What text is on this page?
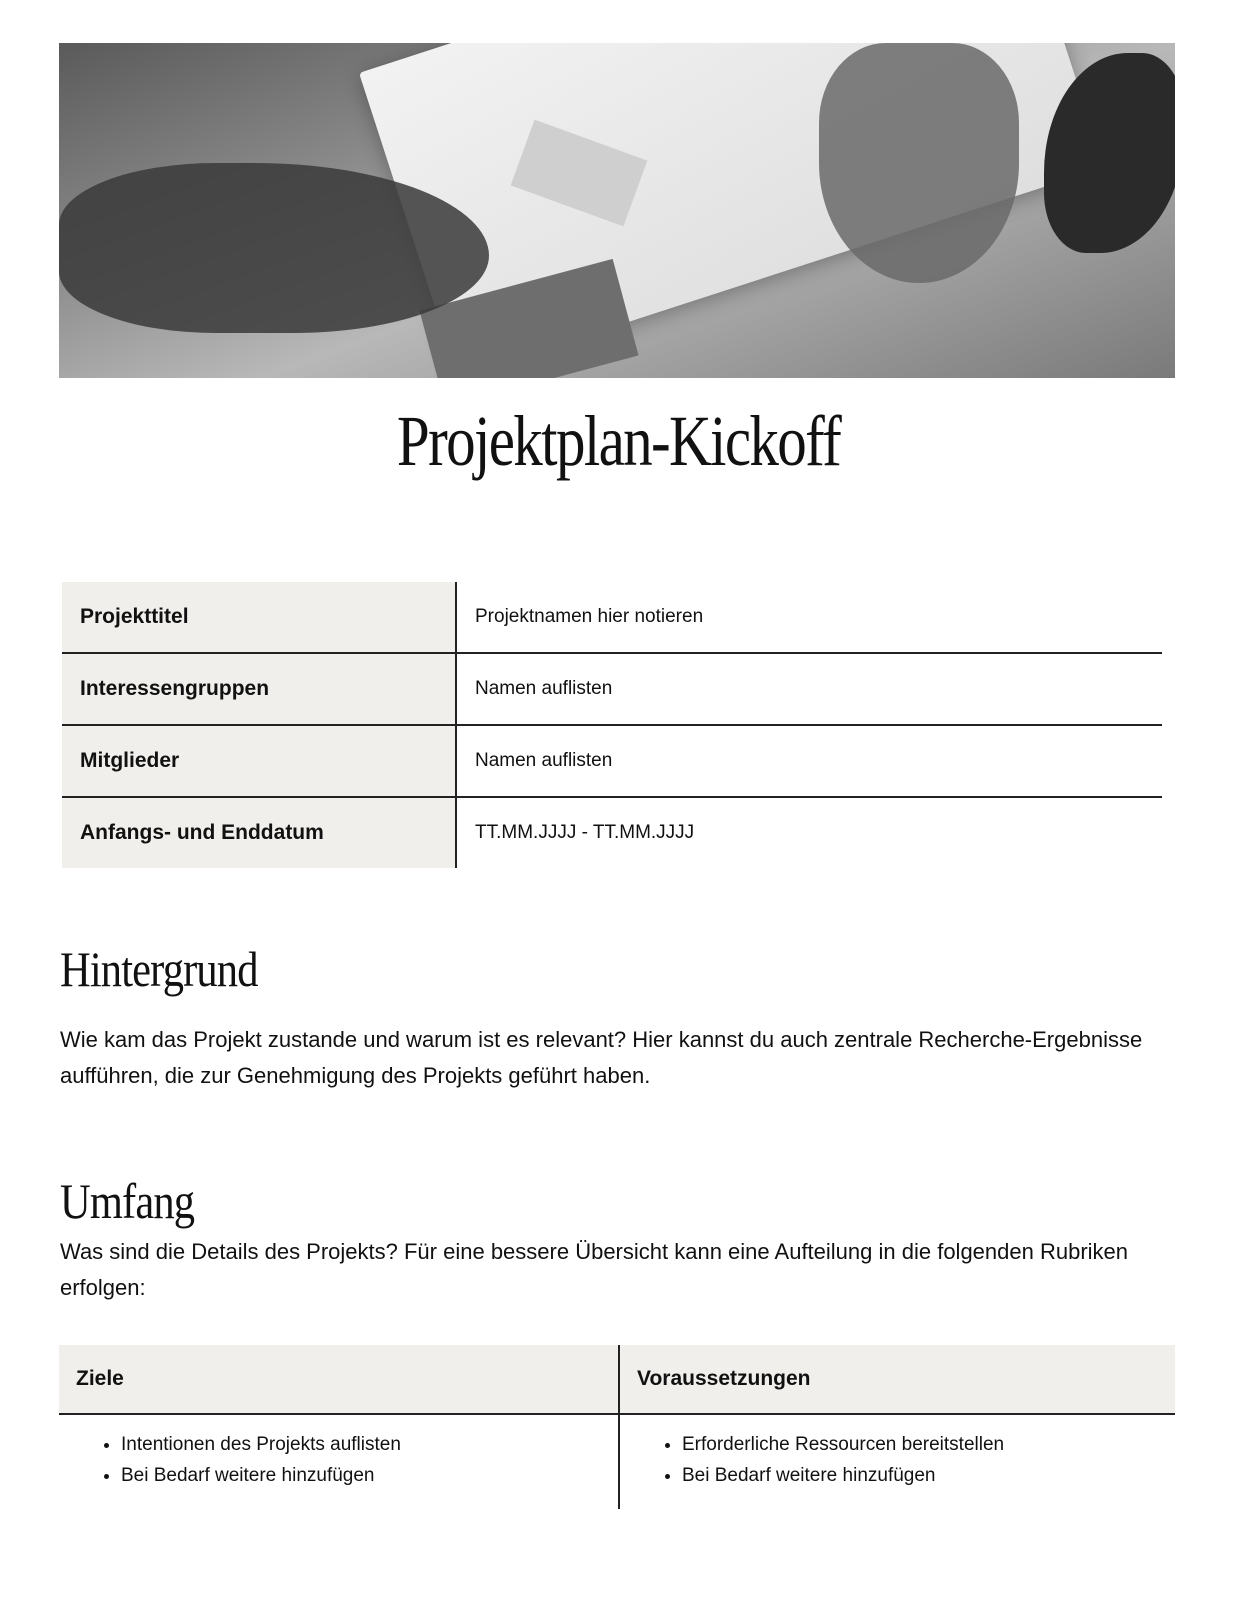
Projektplan-Kickoff
Projekttitel	Projektnamen hier notieren
Interessengruppen	Namen auflisten
Mitglieder	Namen auflisten
Anfangs- und Enddatum	TT.MM.JJJJ - TT.MM.JJJJ
Hintergrund

Wie kam das Projekt zustande und warum ist es relevant? Hier kannst du auch zentrale Recherche-Ergebnisse aufführen, die zur Genehmigung des Projekts geführt haben.

Umfang

Was sind die Details des Projekts? Für eine bessere Übersicht kann eine Aufteilung in die folgenden Rubriken erfolgen:

Ziele	Voraussetzungen

• Intentionen des Projekts auflisten
• Bei Bedarf weitere hinzufügen

• Erforderliche Ressourcen bereitstellen
• Bei Bedarf weitere hinzufügen
